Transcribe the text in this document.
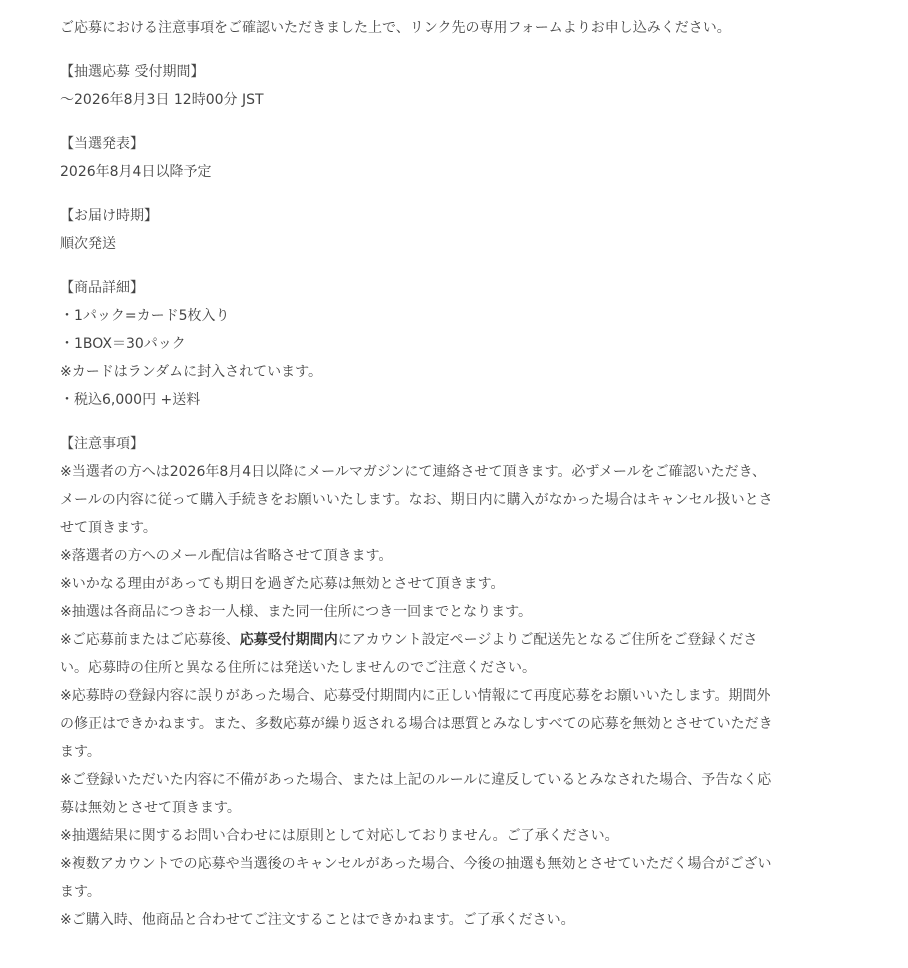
ご応募における注意事項をご確認いただきました上で、リンク先の専用フォームよりお申し込みください。

【抽選応募 受付期間】

〜2026年8月3日 12時00分 JST

【当選発表】

2026年8月4日以降予定

【お届け時期】

順次発送

【商品詳細】

・1パック=カード5枚入り

・1BOX＝30パック

※カードはランダムに封入されています。

・税込6,000円 +送料

【注意事項】

※当選者の方へは2026年8月4日以降にメールマガジンにて連絡させて頂きます。必ずメールをご確認いただき、メールの内容に従って購入手続きをお願いいたします。なお、期日内に購入がなかった場合はキャンセル扱いとさせて頂きます。

※落選者の方へのメール配信は省略させて頂きます。

※いかなる理由があっても期日を過ぎた応募は無効とさせて頂きます。

※抽選は各商品につきお一人様、また同一住所につき一回までとなります。

※ご応募前またはご応募後、応募受付期間内にアカウント設定ページよりご配送先となるご住所をご登録ください。応募時の住所と異なる住所には発送いたしませんのでご注意ください。

※応募時の登録内容に誤りがあった場合、応募受付期間内に正しい情報にて再度応募をお願いいたします。期間外の修正はできかねます。また、多数応募が繰り返される場合は悪質とみなしすべての応募を無効とさせていただきます。

※ご登録いただいた内容に不備があった場合、または上記のルールに違反しているとみなされた場合、予告なく応募は無効とさせて頂きます。

※抽選結果に関するお問い合わせには原則として対応しておりません。ご了承ください。

※複数アカウントでの応募や当選後のキャンセルがあった場合、今後の抽選も無効とさせていただく場合がございます。

※ご購入時、他商品と合わせてご注文することはできかねます。ご了承ください。
